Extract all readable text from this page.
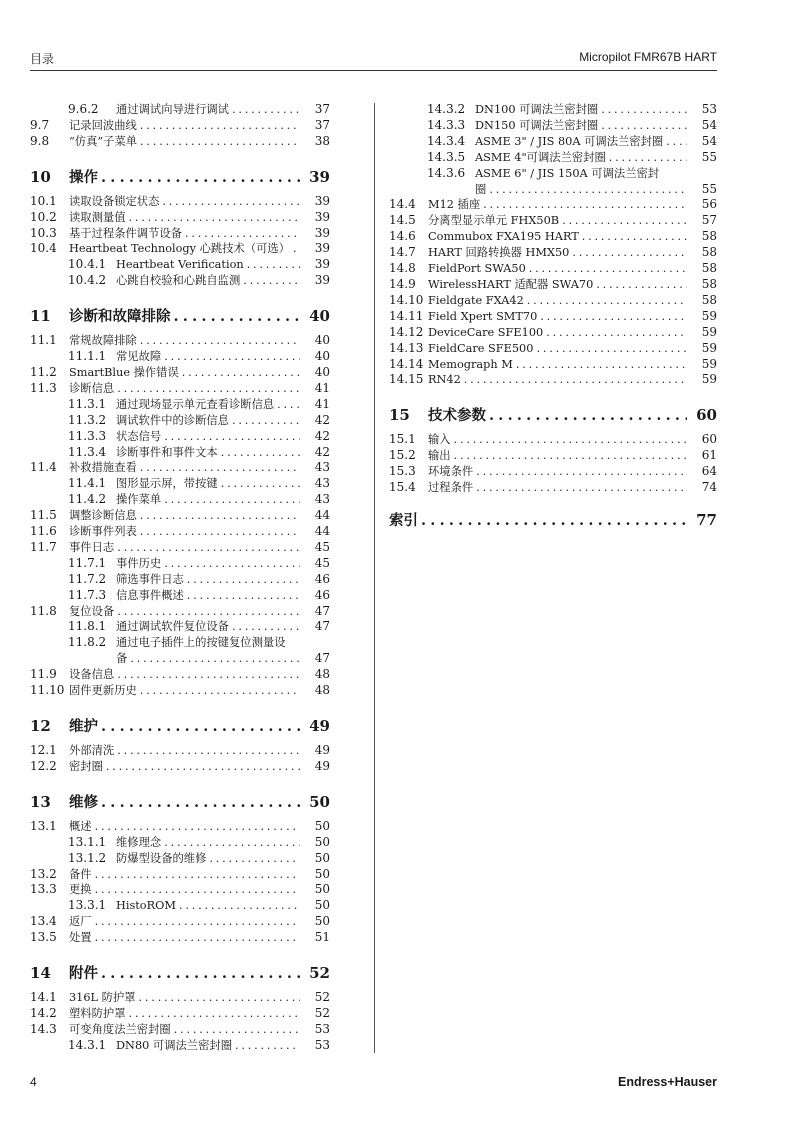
目录	Micropilot FMR67B HART
9.6.2 通过调试向导进行调试 . . .	37
9.7 记录回波曲线 . . .	37
9.8 “仿真”子菜单 . . .	38
10 操作 . . .	39
10.1 读取设备锁定状态 . . .	39
10.2 读取测量值 . . .	39
10.3 基于过程条件调节设备 . . .	39
10.4 Heartbeat Technology 心跳技术（可选） . . .	39
10.4.1 Heartbeat Verification . . .	39
10.4.2 心跳自校验和心跳自监测 . . .	39
11 诊断和故障排除 . . .	40
11.1 常规故障排除 . . .	40
11.1.1 常见故障 . . .	40
11.2 SmartBlue 操作错误 . . .	40
11.3 诊断信息 . . .	41
11.3.1 通过现场显示单元查看诊断信息 . . .	41
11.3.2 调试软件中的诊断信息 . . .	42
11.3.3 状态信号 . . .	42
11.3.4 诊断事件和事件文本 . . .	42
11.4 补救措施查看 . . .	43
11.4.1 图形显示屏，带按键 . . .	43
11.4.2 操作菜单 . . .	43
11.5 调整诊断信息 . . .	44
11.6 诊断事件列表 . . .	44
11.7 事件日志 . . .	45
11.7.1 事件历史 . . .	45
11.7.2 筛选事件日志 . . .	46
11.7.3 信息事件概述 . . .	46
11.8 复位设备 . . .	47
11.8.1 通过调试软件复位设备 . . .	47
11.8.2 通过电子插件上的按键复位测量设
备 . . .	47
11.9 设备信息 . . .	48
11.10 固件更新历史 . . .	48
12 维护 . . .	49
12.1 外部清洗 . . .	49
12.2 密封圈 . . .	49
13 维修 . . .	50
13.1 概述 . . .	50
13.1.1 维修理念 . . .	50
13.1.2 防爆型设备的维修 . . .	50
13.2 备件 . . .	50
13.3 更换 . . .	50
13.3.1 HistoROM . . .	50
13.4 返厂 . . .	50
13.5 处置 . . .	51
14 附件 . . .	52
14.1 316L 防护罩 . . .	52
14.2 塑料防护罩 . . .	52
14.3 可变角度法兰密封圈 . . .	53
14.3.1 DN80 可调法兰密封圈 . . .	53
14.3.2 DN100 可调法兰密封圈 . . .	53
14.3.3 DN150 可调法兰密封圈 . . .	54
14.3.4 ASME 3" / JIS 80A 可调法兰密封圈 . . .	54
14.3.5 ASME 4"可调法兰密封圈 . . .	55
14.3.6 ASME 6" / JIS 150A 可调法兰密封
圈 . . .	55
14.4 M12 插座 . . .	56
14.5 分离型显示单元 FHX50B . . .	57
14.6 Commubox FXA195 HART . . .	58
14.7 HART 回路转换器 HMX50 . . .	58
14.8 FieldPort SWA50 . . .	58
14.9 WirelessHART 适配器 SWA70 . . .	58
14.10 Fieldgate FXA42 . . .	58
14.11 Field Xpert SMT70 . . .	59
14.12 DeviceCare SFE100 . . .	59
14.13 FieldCare SFE500 . . .	59
14.14 Memograph M . . .	59
14.15 RN42 . . .	59
15 技术参数 . . .	60
15.1 输入 . . .	60
15.2 输出 . . .	61
15.3 环境条件 . . .	64
15.4 过程条件 . . .	74
索引 . . .	77
4	Endress+Hauser
